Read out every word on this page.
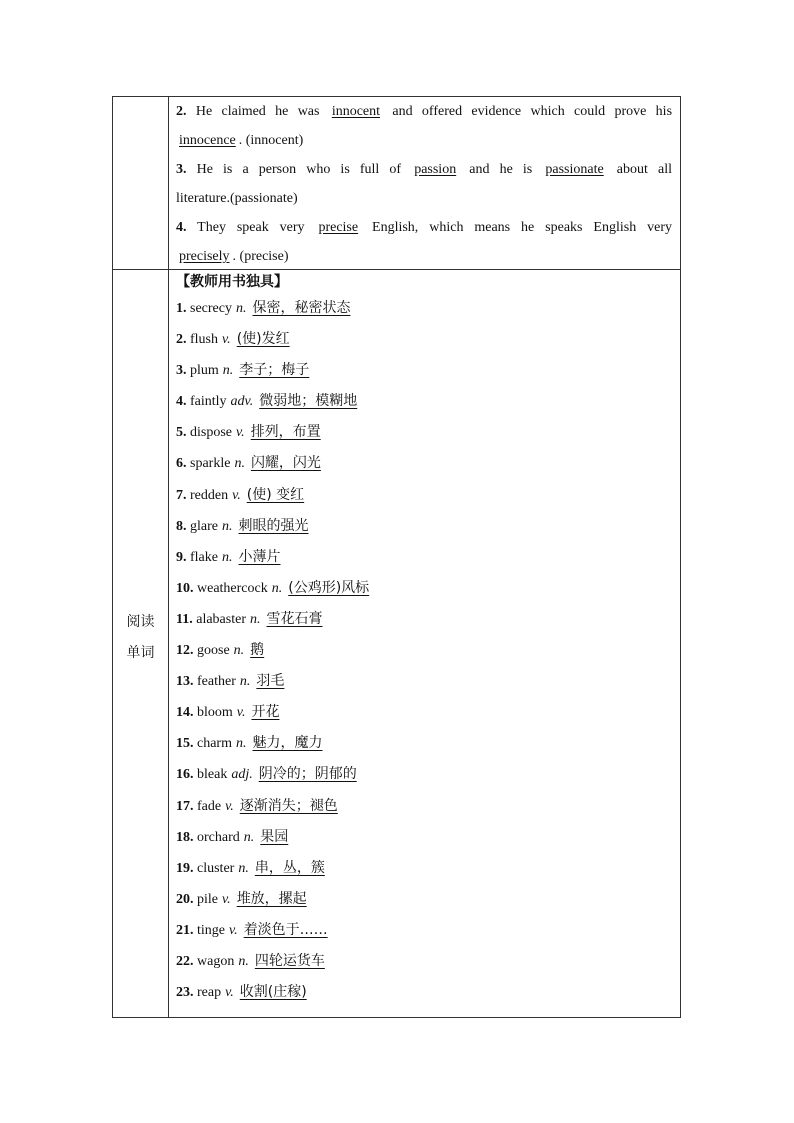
阅读
单词

2. He claimed he was innocent and offered evidence which could prove his

innocence . (innocent)

3. He is a person who is full of passion and he is passionate about all

literature.(passionate)

4. They speak very precise English, which means he speaks English very

precisely . (precise)

【教师用书独具】

1. secrecy n. 保密，秘密状态

2. flush v. (使)发红

3. plum n. 李子；梅子

4. faintly adv. 微弱地；模糊地

5. dispose v. 排列，布置

6. sparkle n. 闪耀，闪光

7. redden v. (使) 变红

8. glare n. 刺眼的强光

9. flake n. 小薄片

10. weathercock n. (公鸡形)风标

11. alabaster n. 雪花石膏

12. goose n. 鹅

13. feather n. 羽毛

14. bloom v. 开花

15. charm n. 魅力，魔力

16. bleak adj. 阴冷的；阴郁的

17. fade v. 逐渐消失；褪色

18. orchard n. 果园

19. cluster n. 串，丛，簇

20. pile v. 堆放，摞起

21. tinge v. 着淡色于……

22. wagon n. 四轮运货车

23. reap v. 收割(庄稼)
